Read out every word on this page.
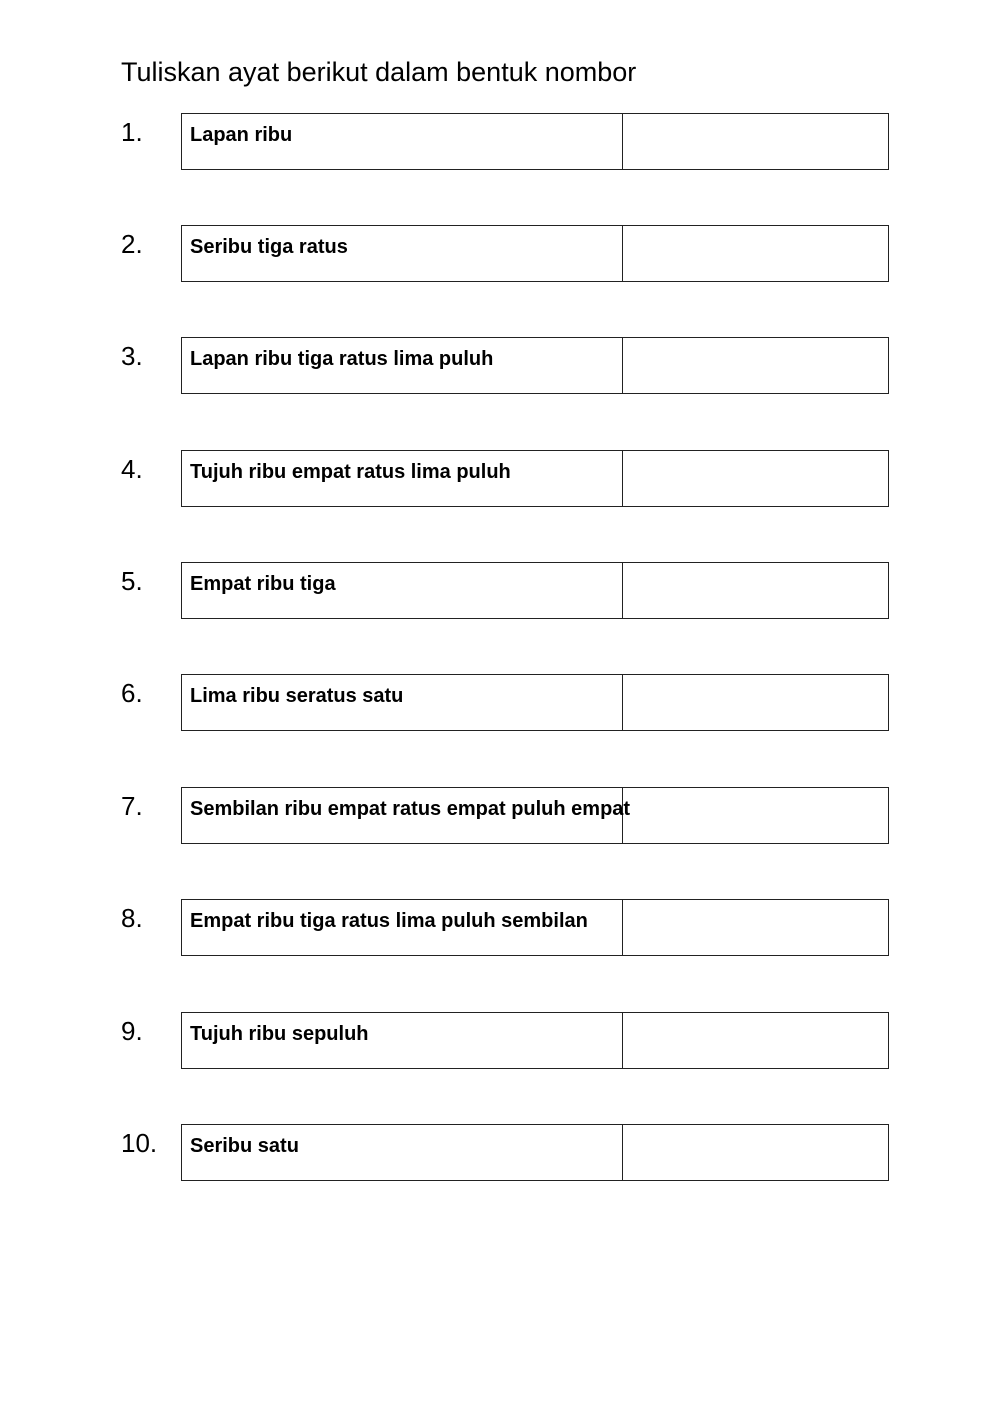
Tuliskan ayat berikut dalam bentuk nombor
1. Lapan ribu
2. Seribu tiga ratus
3. Lapan ribu tiga ratus lima puluh
4. Tujuh ribu empat ratus lima puluh
5. Empat ribu tiga
6. Lima ribu seratus satu
7. Sembilan ribu empat ratus empat puluh empat
8. Empat ribu tiga ratus lima puluh sembilan
9. Tujuh ribu sepuluh
10. Seribu satu
